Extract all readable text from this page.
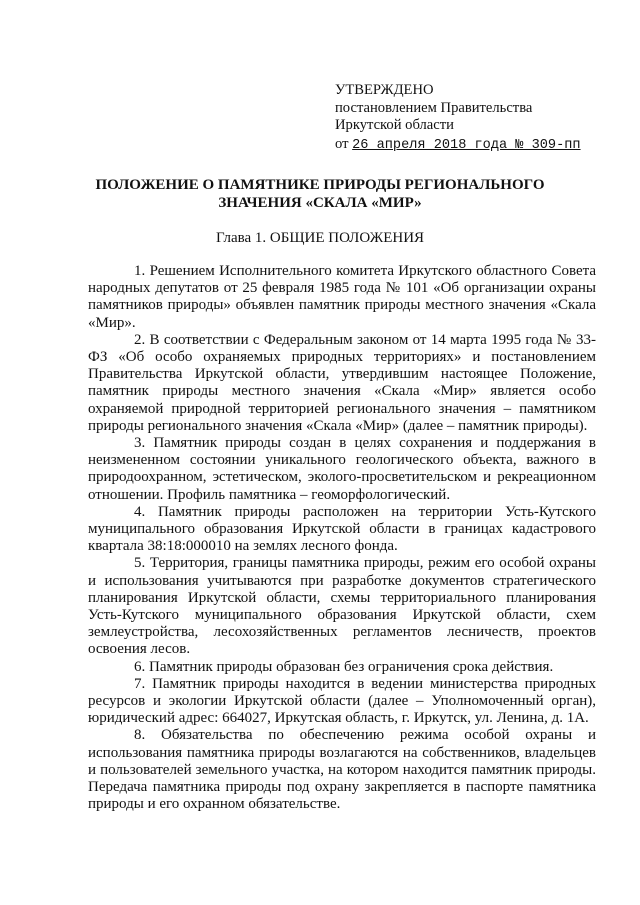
УТВЕРЖДЕНО
постановлением Правительства
Иркутской области
от 26 апреля 2018 года № 309-пп
ПОЛОЖЕНИЕ О ПАМЯТНИКЕ ПРИРОДЫ РЕГИОНАЛЬНОГО
ЗНАЧЕНИЯ «СКАЛА «МИР»
Глава 1. ОБЩИЕ ПОЛОЖЕНИЯ

1. Решением Исполнительного комитета Иркутского областного Совета народных депутатов от 25 февраля 1985 года № 101 «Об организации охраны памятников природы» объявлен памятник природы местного значения «Скала «Мир».

2. В соответствии с Федеральным законом от 14 марта 1995 года № 33-ФЗ «Об особо охраняемых природных территориях» и постановлением Правительства Иркутской области, утвердившим настоящее Положение, памятник природы местного значения «Скала «Мир» является особо охраняемой природной территорией регионального значения – памятником природы регионального значения «Скала «Мир» (далее – памятник природы).

3. Памятник природы создан в целях сохранения и поддержания в неизмененном состоянии уникального геологического объекта, важного в природоохранном, эстетическом, эколого-просветительском и рекреационном отношении. Профиль памятника – геоморфологический.

4. Памятник природы расположен на территории Усть-Кутского муниципального образования Иркутской области в границах кадастрового квартала 38:18:000010 на землях лесного фонда.

5. Территория, границы памятника природы, режим его особой охраны и использования учитываются при разработке документов стратегического планирования Иркутской области, схемы территориального планирования Усть-Кутского муниципального образования Иркутской области, схем землеустройства, лесохозяйственных регламентов лесничеств, проектов освоения лесов.

6. Памятник природы образован без ограничения срока действия.

7. Памятник природы находится в ведении министерства природных ресурсов и экологии Иркутской области (далее – Уполномоченный орган), юридический адрес: 664027, Иркутская область, г. Иркутск, ул. Ленина, д. 1А.

8. Обязательства по обеспечению режима особой охраны и использования памятника природы возлагаются на собственников, владельцев и пользователей земельного участка, на котором находится памятник природы. Передача памятника природы под охрану закрепляется в паспорте памятника природы и его охранном обязательстве.
